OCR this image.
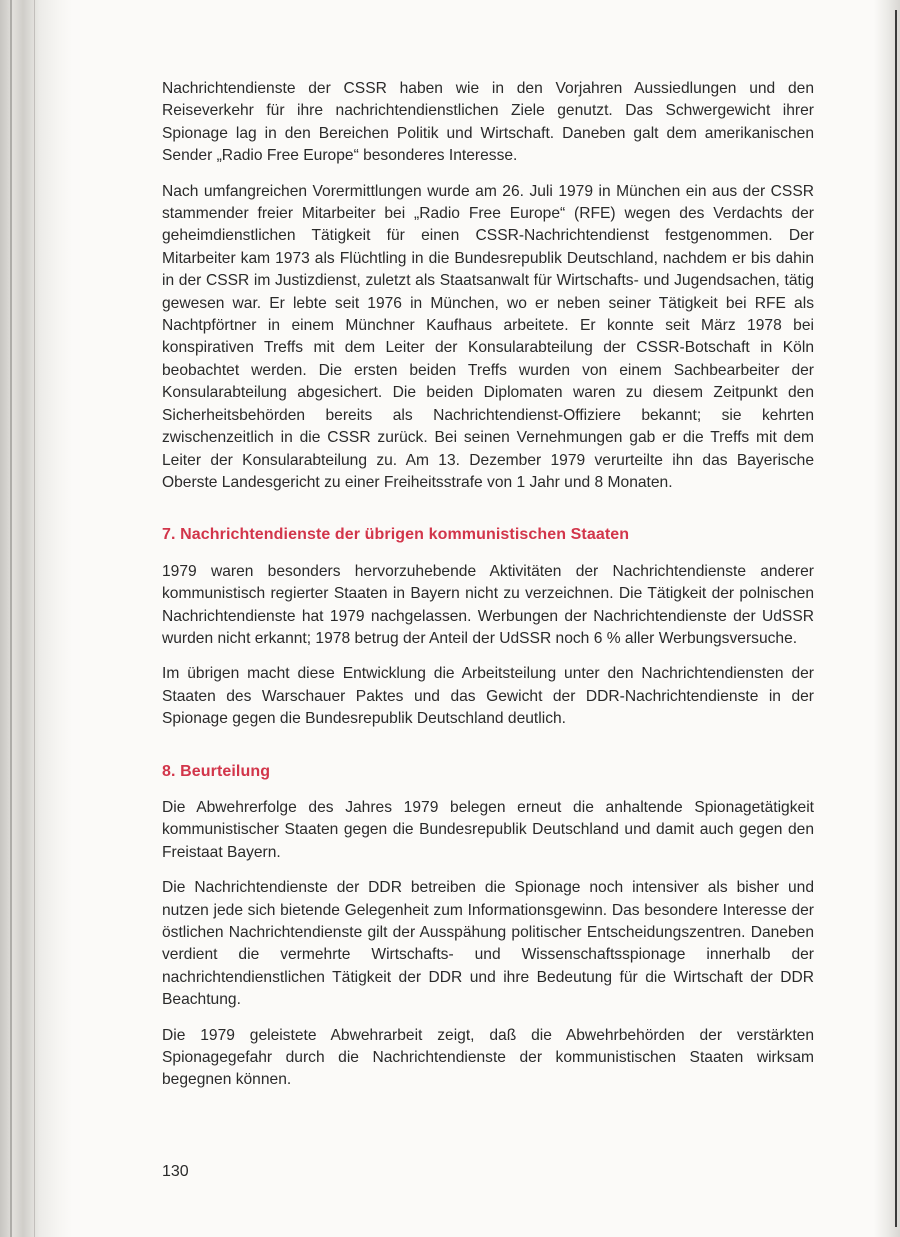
Nachrichtendienste der CSSR haben wie in den Vorjahren Aussiedlungen und den Reiseverkehr für ihre nachrichtendienstlichen Ziele genutzt. Das Schwergewicht ihrer Spionage lag in den Bereichen Politik und Wirtschaft. Daneben galt dem amerikanischen Sender „Radio Free Europe“ besonderes Interesse.

Nach umfangreichen Vorermittlungen wurde am 26. Juli 1979 in München ein aus der CSSR stammender freier Mitarbeiter bei „Radio Free Europe“ (RFE) wegen des Verdachts der geheimdienstlichen Tätigkeit für einen CSSR-Nachrichtendienst festgenommen. Der Mitarbeiter kam 1973 als Flüchtling in die Bundesrepublik Deutschland, nachdem er bis dahin in der CSSR im Justizdienst, zuletzt als Staatsanwalt für Wirtschafts- und Jugendsachen, tätig gewesen war. Er lebte seit 1976 in München, wo er neben seiner Tätigkeit bei RFE als Nachtpförtner in einem Münchner Kaufhaus arbeitete. Er konnte seit März 1978 bei konspirativen Treffs mit dem Leiter der Konsularabteilung der CSSR-Botschaft in Köln beobachtet werden. Die ersten beiden Treffs wurden von einem Sachbearbeiter der Konsularabteilung abgesichert. Die beiden Diplomaten waren zu diesem Zeitpunkt den Sicherheitsbehörden bereits als Nachrichtendienst-Offiziere bekannt; sie kehrten zwischenzeitlich in die CSSR zurück. Bei seinen Vernehmungen gab er die Treffs mit dem Leiter der Konsularabteilung zu. Am 13. Dezember 1979 verurteilte ihn das Bayerische Oberste Landesgericht zu einer Freiheitsstrafe von 1 Jahr und 8 Monaten.

7. Nachrichtendienste der übrigen kommunistischen Staaten

1979 waren besonders hervorzuhebende Aktivitäten der Nachrichtendienste anderer kommunistisch regierter Staaten in Bayern nicht zu verzeichnen. Die Tätigkeit der polnischen Nachrichtendienste hat 1979 nachgelassen. Werbungen der Nachrichtendienste der UdSSR wurden nicht erkannt; 1978 betrug der Anteil der UdSSR noch 6 % aller Werbungsversuche.

Im übrigen macht diese Entwicklung die Arbeitsteilung unter den Nachrichtendiensten der Staaten des Warschauer Paktes und das Gewicht der DDR-Nachrichtendienste in der Spionage gegen die Bundesrepublik Deutschland deutlich.

8. Beurteilung

Die Abwehrerfolge des Jahres 1979 belegen erneut die anhaltende Spionagetätigkeit kommunistischer Staaten gegen die Bundesrepublik Deutschland und damit auch gegen den Freistaat Bayern.

Die Nachrichtendienste der DDR betreiben die Spionage noch intensiver als bisher und nutzen jede sich bietende Gelegenheit zum Informationsgewinn. Das besondere Interesse der östlichen Nachrichtendienste gilt der Ausspähung politischer Entscheidungszentren. Daneben verdient die vermehrte Wirtschafts- und Wissenschaftsspionage innerhalb der nachrichtendienstlichen Tätigkeit der DDR und ihre Bedeutung für die Wirtschaft der DDR Beachtung.

Die 1979 geleistete Abwehrarbeit zeigt, daß die Abwehrbehörden der verstärkten Spionagegefahr durch die Nachrichtendienste der kommunistischen Staaten wirksam begegnen können.

130
